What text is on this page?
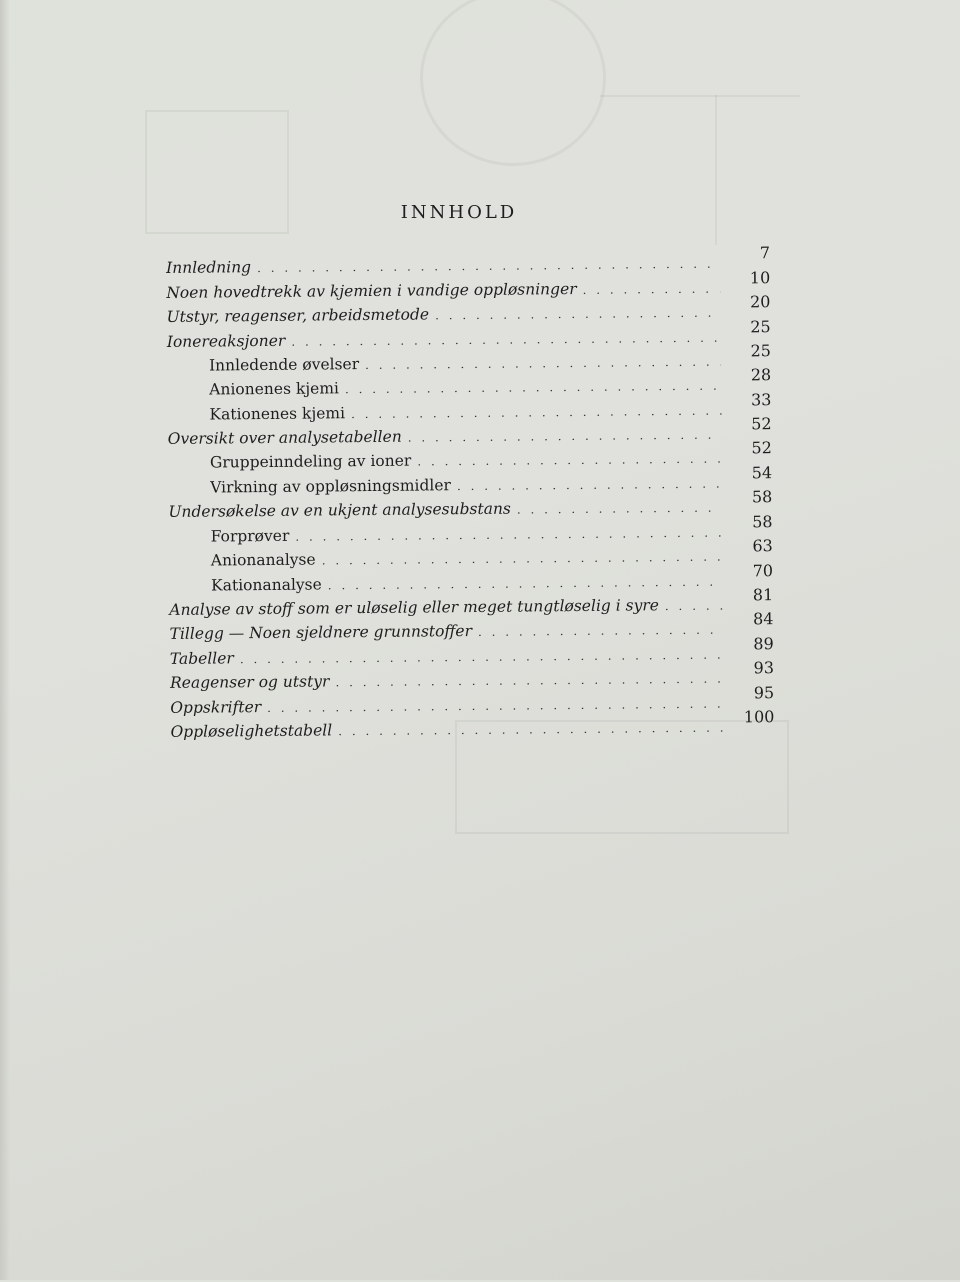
INNHOLD
Innledning
. . .
7
Noen hovedtrekk av kjemien i vandige oppløsninger
. . .
10
Utstyr, reagenser, arbeidsmetode
. . .
20
Ionereaksjoner
. . .
25
Innledende øvelser
. . .
25
Anionenes kjemi
. . .
28
Kationenes kjemi
. . .
33
Oversikt over analysetabellen
. . .
52
Gruppeinndeling av ioner
. . .
52
Virkning av oppløsningsmidler
. . .
54
Undersøkelse av en ukjent analysesubstans
. . .
58
Forprøver
. . .
58
Anionanalyse
. . .
63
Kationanalyse
. . .
70
Analyse av stoff som er uløselig eller meget tungtløselig i syre
. . .
81
Tillegg — Noen sjeldnere grunnstoffer
. . .
84
Tabeller
. . .
89
Reagenser og utstyr
. . .
93
Oppskrifter
. . .
95
Oppløselighetstabell
. . .
100
